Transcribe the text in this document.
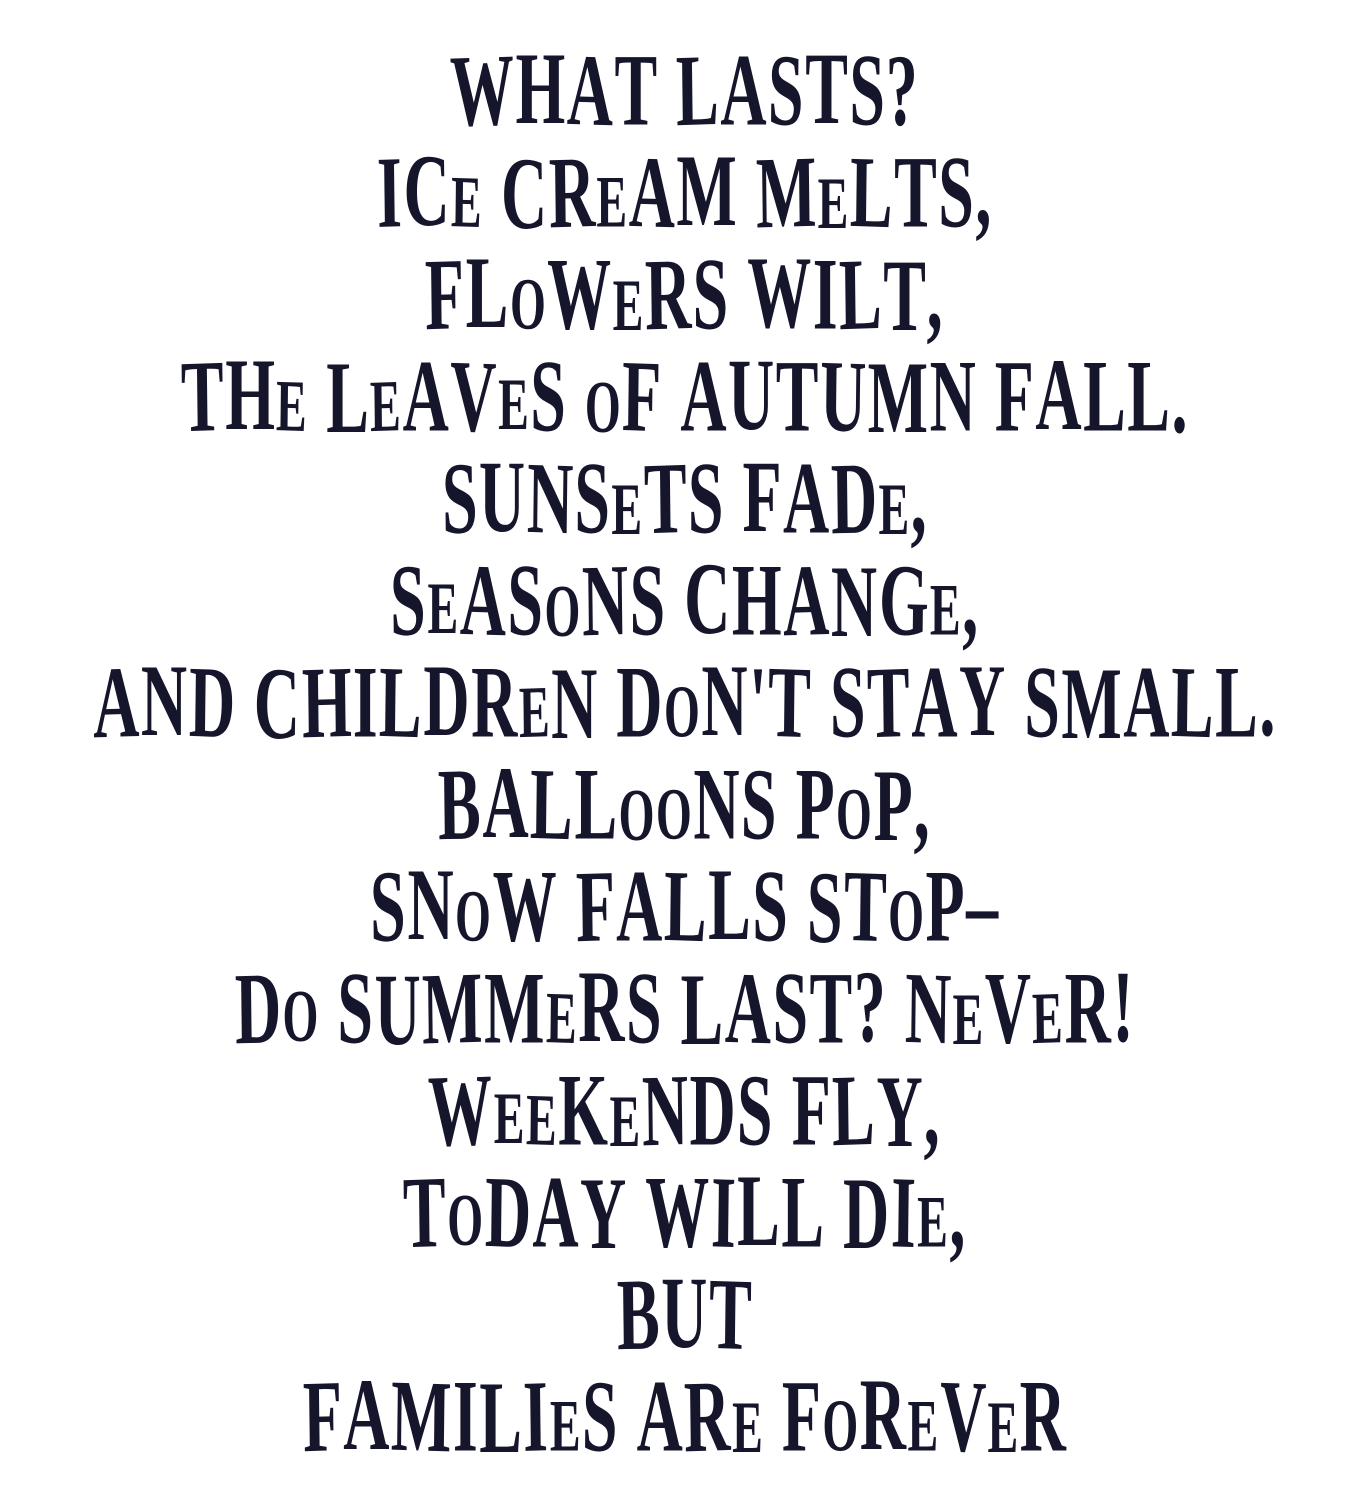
WHAT LASTS?
ICE CREAM MELTS,
FLOWERS WILT,
THE LEAVES OF AUTUMN FALL.
SUNSETS FADE,
SEASONS CHANGE,
AND CHILDREN DON'T STAY SMALL.
BALLOONS POP,
SNOW FALLS STOP–
DO SUMMERS LAST? NEVER!
WEEKENDS FLY,
TODAY WILL DIE,
BUT
FAMILIES ARE FOREVER
